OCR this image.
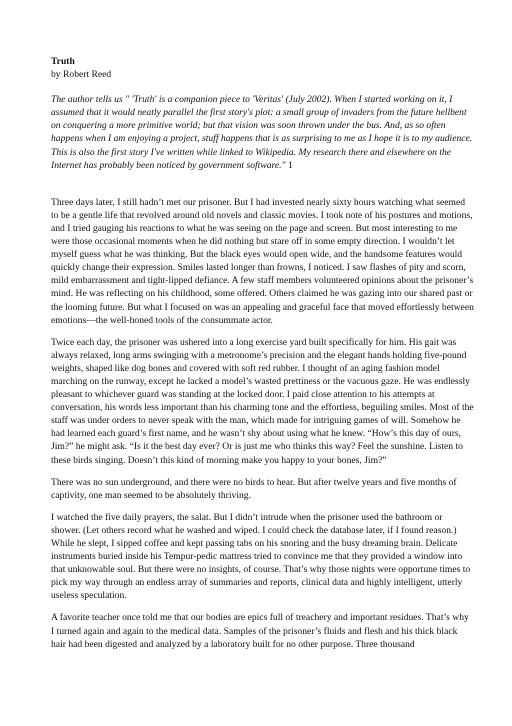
Truth

by Robert Reed

The author tells us " 'Truth' is a companion piece to 'Veritas' (July 2002). When I started working on it, I assumed that it would neatly parallel the first story's plot: a small group of invaders from the future hellbent on conquering a more primitive world; but that vision was soon thrown under the bus. And, as so often happens when I am enjoying a project, stuff happens that is as surprising to me as I hope it is to my audience. This is also the first story I've written while linked to Wikipedia. My research there and elsewhere on the Internet has probably been noticed by government software." 1

Three days later, I still hadn’t met our prisoner. But I had invested nearly sixty hours watching what seemed to be a gentle life that revolved around old novels and classic movies. I took note of his postures and motions, and I tried gauging his reactions to what he was seeing on the page and screen. But most interesting to me were those occasional moments when he did nothing but stare off in some empty direction. I wouldn’t let myself guess what he was thinking. But the black eyes would open wide, and the handsome features would quickly change their expression. Smiles lasted longer than frowns, I noticed. I saw flashes of pity and scorn, mild embarrassment and tight-lipped defiance. A few staff members volunteered opinions about the prisoner’s mind. He was reflecting on his childhood, some offered. Others claimed he was gazing into our shared past or the looming future. But what I focused on was an appealing and graceful face that moved effortlessly between emotions—the well-honed tools of the consummate actor.

Twice each day, the prisoner was ushered into a long exercise yard built specifically for him. His gait was always relaxed, long arms swinging with a metronome’s precision and the elegant hands holding five-pound weights, shaped like dog bones and covered with soft red rubber. I thought of an aging fashion model marching on the runway, except he lacked a model’s wasted prettiness or the vacuous gaze. He was endlessly pleasant to whichever guard was standing at the locked door. I paid close attention to his attempts at conversation, his words less important than his charming tone and the effortless, beguiling smiles. Most of the staff was under orders to never speak with the man, which made for intriguing games of will. Somehow he had learned each guard’s first name, and he wasn’t shy about using what he knew. “How’s this day of ours, Jim?” he might ask. “Is it the best day ever? Or is just me who thinks this way? Feel the sunshine. Listen to these birds singing. Doesn’t this kind of morning make you happy to your bones, Jim?”

There was no sun underground, and there were no birds to hear. But after twelve years and five months of captivity, one man seemed to be absolutely thriving.

I watched the five daily prayers, the salat. But I didn’t intrude when the prisoner used the bathroom or shower. (Let others record what he washed and wiped. I could check the database later, if I found reason.) While he slept, I sipped coffee and kept passing tabs on his snoring and the busy dreaming brain. Delicate instruments buried inside his Tempur-pedic mattress tried to convince me that they provided a window into that unknowable soul. But there were no insights, of course. That’s why those nights were opportune times to pick my way through an endless array of summaries and reports, clinical data and highly intelligent, utterly useless speculation.

A favorite teacher once told me that our bodies are epics full of treachery and important residues. That’s why I turned again and again to the medical data. Samples of the prisoner’s fluids and flesh and his thick black hair had been digested and analyzed by a laboratory built for no other purpose. Three thousand
